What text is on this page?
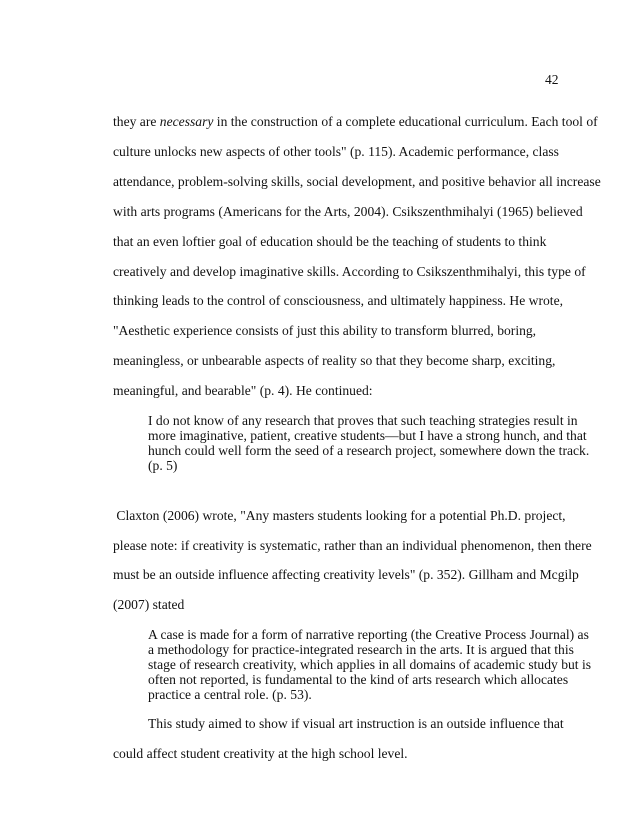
42
they are necessary in the construction of a complete educational curriculum. Each tool of
culture unlocks new aspects of other tools" (p. 115). Academic performance, class
attendance, problem-solving skills, social development, and positive behavior all increase
with arts programs (Americans for the Arts, 2004). Csikszenthmihalyi (1965) believed
that an even loftier goal of education should be the teaching of students to think
creatively and develop imaginative skills. According to Csikszenthmihalyi, this type of
thinking leads to the control of consciousness, and ultimately happiness. He wrote,
"Aesthetic experience consists of just this ability to transform blurred, boring,
meaningless, or unbearable aspects of reality so that they become sharp, exciting,
meaningful, and bearable" (p. 4). He continued:
I do not know of any research that proves that such teaching strategies result in
more imaginative, patient, creative students—but I have a strong hunch, and that
hunch could well form the seed of a research project, somewhere down the track.
(p. 5)
Claxton (2006) wrote, "Any masters students looking for a potential Ph.D. project,
please note: if creativity is systematic, rather than an individual phenomenon, then there
must be an outside influence affecting creativity levels" (p. 352). Gillham and Mcgilp
(2007) stated
A case is made for a form of narrative reporting (the Creative Process Journal) as
a methodology for practice-integrated research in the arts. It is argued that this
stage of research creativity, which applies in all domains of academic study but is
often not reported, is fundamental to the kind of arts research which allocates
practice a central role. (p. 53).
This study aimed to show if visual art instruction is an outside influence that
could affect student creativity at the high school level.
